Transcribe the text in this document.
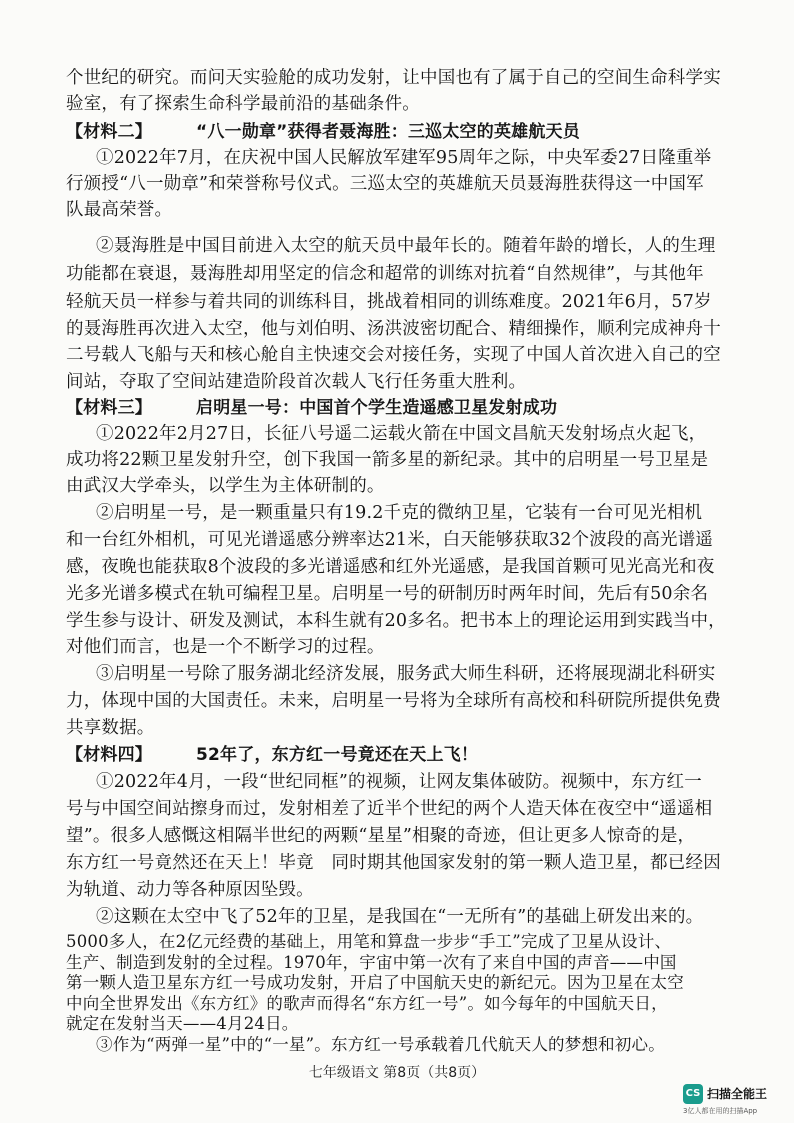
个世纪的研究。而问天实验舱的成功发射，让中国也有了属于自己的空间生命科学实
验室，有了探索生命科学最前沿的基础条件。
【材料二】	“八一勋章”获得者聂海胜：三巡太空的英雄航天员
①2022年7月，在庆祝中国人民解放军建军95周年之际，中央军委27日隆重举
行颁授“八一勋章”和荣誉称号仪式。三巡太空的英雄航天员聂海胜获得这一中国军
队最高荣誉。
②聂海胜是中国目前进入太空的航天员中最年长的。随着年龄的增长，人的生理
功能都在衰退，聂海胜却用坚定的信念和超常的训练对抗着“自然规律”，与其他年
轻航天员一样参与着共同的训练科目，挑战着相同的训练难度。2021年6月，57岁
的聂海胜再次进入太空，他与刘伯明、汤洪波密切配合、精细操作，顺利完成神舟十
二号载人飞船与天和核心舱自主快速交会对接任务，实现了中国人首次进入自己的空
间站，夺取了空间站建造阶段首次载人飞行任务重大胜利。
【材料三】	启明星一号：中国首个学生造遥感卫星发射成功
①2022年2月27日，长征八号遥二运载火箭在中国文昌航天发射场点火起飞，
成功将22颗卫星发射升空，创下我国一箭多星的新纪录。其中的启明星一号卫星是
由武汉大学牵头，以学生为主体研制的。
②启明星一号，是一颗重量只有19.2千克的微纳卫星，它装有一台可见光相机
和一台红外相机，可见光谱遥感分辨率达21米，白天能够获取32个波段的高光谱遥
感，夜晚也能获取8个波段的多光谱遥感和红外光遥感，是我国首颗可见光高光和夜
光多光谱多模式在轨可编程卫星。启明星一号的研制历时两年时间，先后有50余名
学生参与设计、研发及测试，本科生就有20多名。把书本上的理论运用到实践当中，
对他们而言，也是一个不断学习的过程。
③启明星一号除了服务湖北经济发展，服务武大师生科研，还将展现湖北科研实
力，体现中国的大国责任。未来，启明星一号将为全球所有高校和科研院所提供免费
共享数据。
【材料四】	52年了，东方红一号竟还在天上飞！
①2022年4月，一段“世纪同框”的视频，让网友集体破防。视频中，东方红一
号与中国空间站擦身而过，发射相差了近半个世纪的两个人造天体在夜空中“遥遥相
望”。很多人感慨这相隔半世纪的两颗“星星”相聚的奇迹，但让更多人惊奇的是，
东方红一号竟然还在天上！毕竟　同时期其他国家发射的第一颗人造卫星，都已经因
为轨道、动力等各种原因坠毁。
②这颗在太空中飞了52年的卫星，是我国在“一无所有”的基础上研发出来的。
5000多人，在2亿元经费的基础上，用笔和算盘一步步“手工”完成了卫星从设计、
生产、制造到发射的全过程。1970年，宇宙中第一次有了来自中国的声音——中国
第一颗人造卫星东方红一号成功发射，开启了中国航天史的新纪元。因为卫星在太空
中向全世界发出《东方红》的歌声而得名“东方红一号”。如今每年的中国航天日，
就定在发射当天——4月24日。
③作为“两弹一星”中的“一星”。东方红一号承载着几代航天人的梦想和初心。
七年级语文 第8页（共8页）
CS 扫描全能王
3亿人都在用的扫描App
